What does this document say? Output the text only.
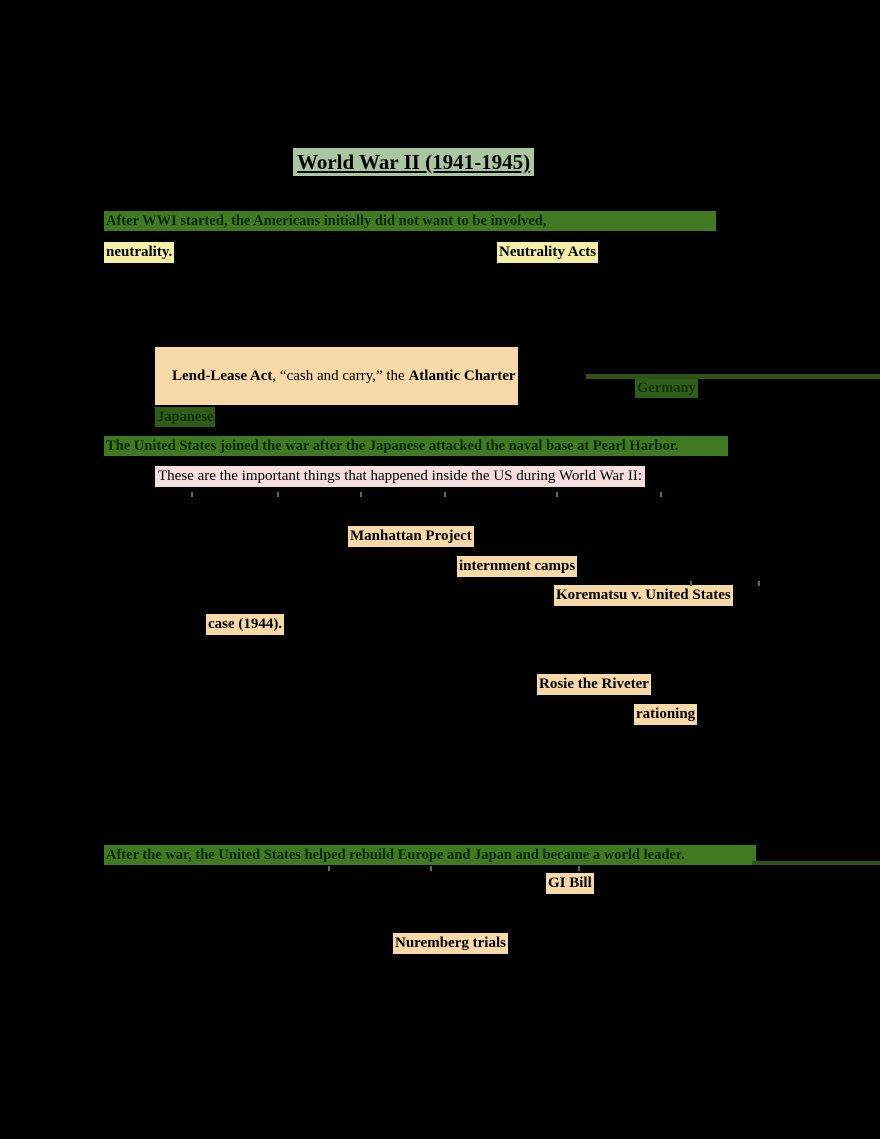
World War II (1941-1945)
After WWI started, the Americans initially did not want to be involved,
neutrality.	Neutrality Acts

Lend-Lease Act, “cash and carry,” the Atlantic Charter

Germany
Japanese
The United States joined the war after the Japanese attacked the naval base at Pearl Harbor.
These are the important things that happened inside the US during World War II:
Manhattan Project
internment camps
Korematsu v. United States
case (1944).
Rosie the Riveter
rationing
After the war, the United States helped rebuild Europe and Japan and became a world leader.
GI Bill
Nuremberg trials
